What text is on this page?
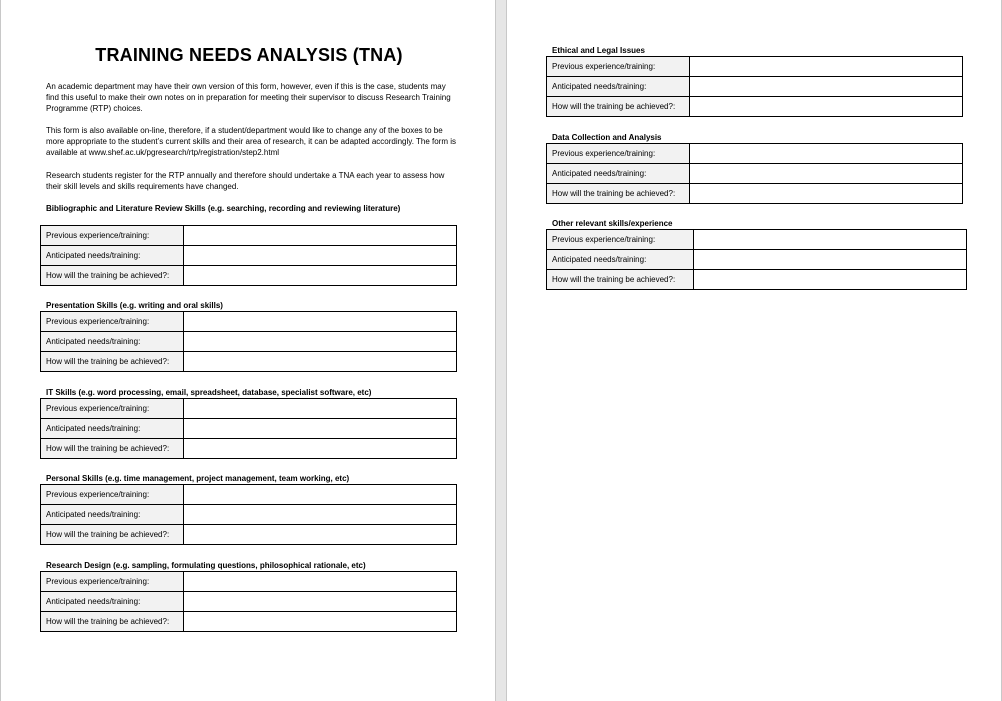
TRAINING NEEDS ANALYSIS (TNA)
An academic department may have their own version of this form, however, even if this is the case, students may find this useful to make their own notes on in preparation for meeting their supervisor to discuss Research Training Programme (RTP) choices.
This form is also available on-line, therefore, if a student/department would like to change any of the boxes to be more appropriate to the student’s current skills and their area of research, it can be adapted accordingly. The form is available at www.shef.ac.uk/pgresearch/rtp/registration/step2.html
Research students register for the RTP annually and therefore should undertake a TNA each year to assess how their skill levels and skills requirements have changed.
Bibliographic and Literature Review Skills (e.g. searching, recording and reviewing literature)
Previous experience/training:	
Anticipated needs/training:	
How will the training be achieved?:	
Presentation Skills (e.g. writing and oral skills)
Previous experience/training:	
Anticipated needs/training:	
How will the training be achieved?:	
IT Skills (e.g. word processing, email, spreadsheet, database, specialist software, etc)
Previous experience/training:	
Anticipated needs/training:	
How will the training be achieved?:	
Personal Skills (e.g. time management, project management, team working, etc)
Previous experience/training:	
Anticipated needs/training:	
How will the training be achieved?:	
Research Design (e.g. sampling, formulating questions, philosophical rationale, etc)
Previous experience/training:	
Anticipated needs/training:	
How will the training be achieved?:	
Ethical and Legal Issues
Previous experience/training:	
Anticipated needs/training:	
How will the training be achieved?:	
Data Collection and Analysis
Previous experience/training:	
Anticipated needs/training:	
How will the training be achieved?:	
Other relevant skills/experience
Previous experience/training:	
Anticipated needs/training:	
How will the training be achieved?:	
